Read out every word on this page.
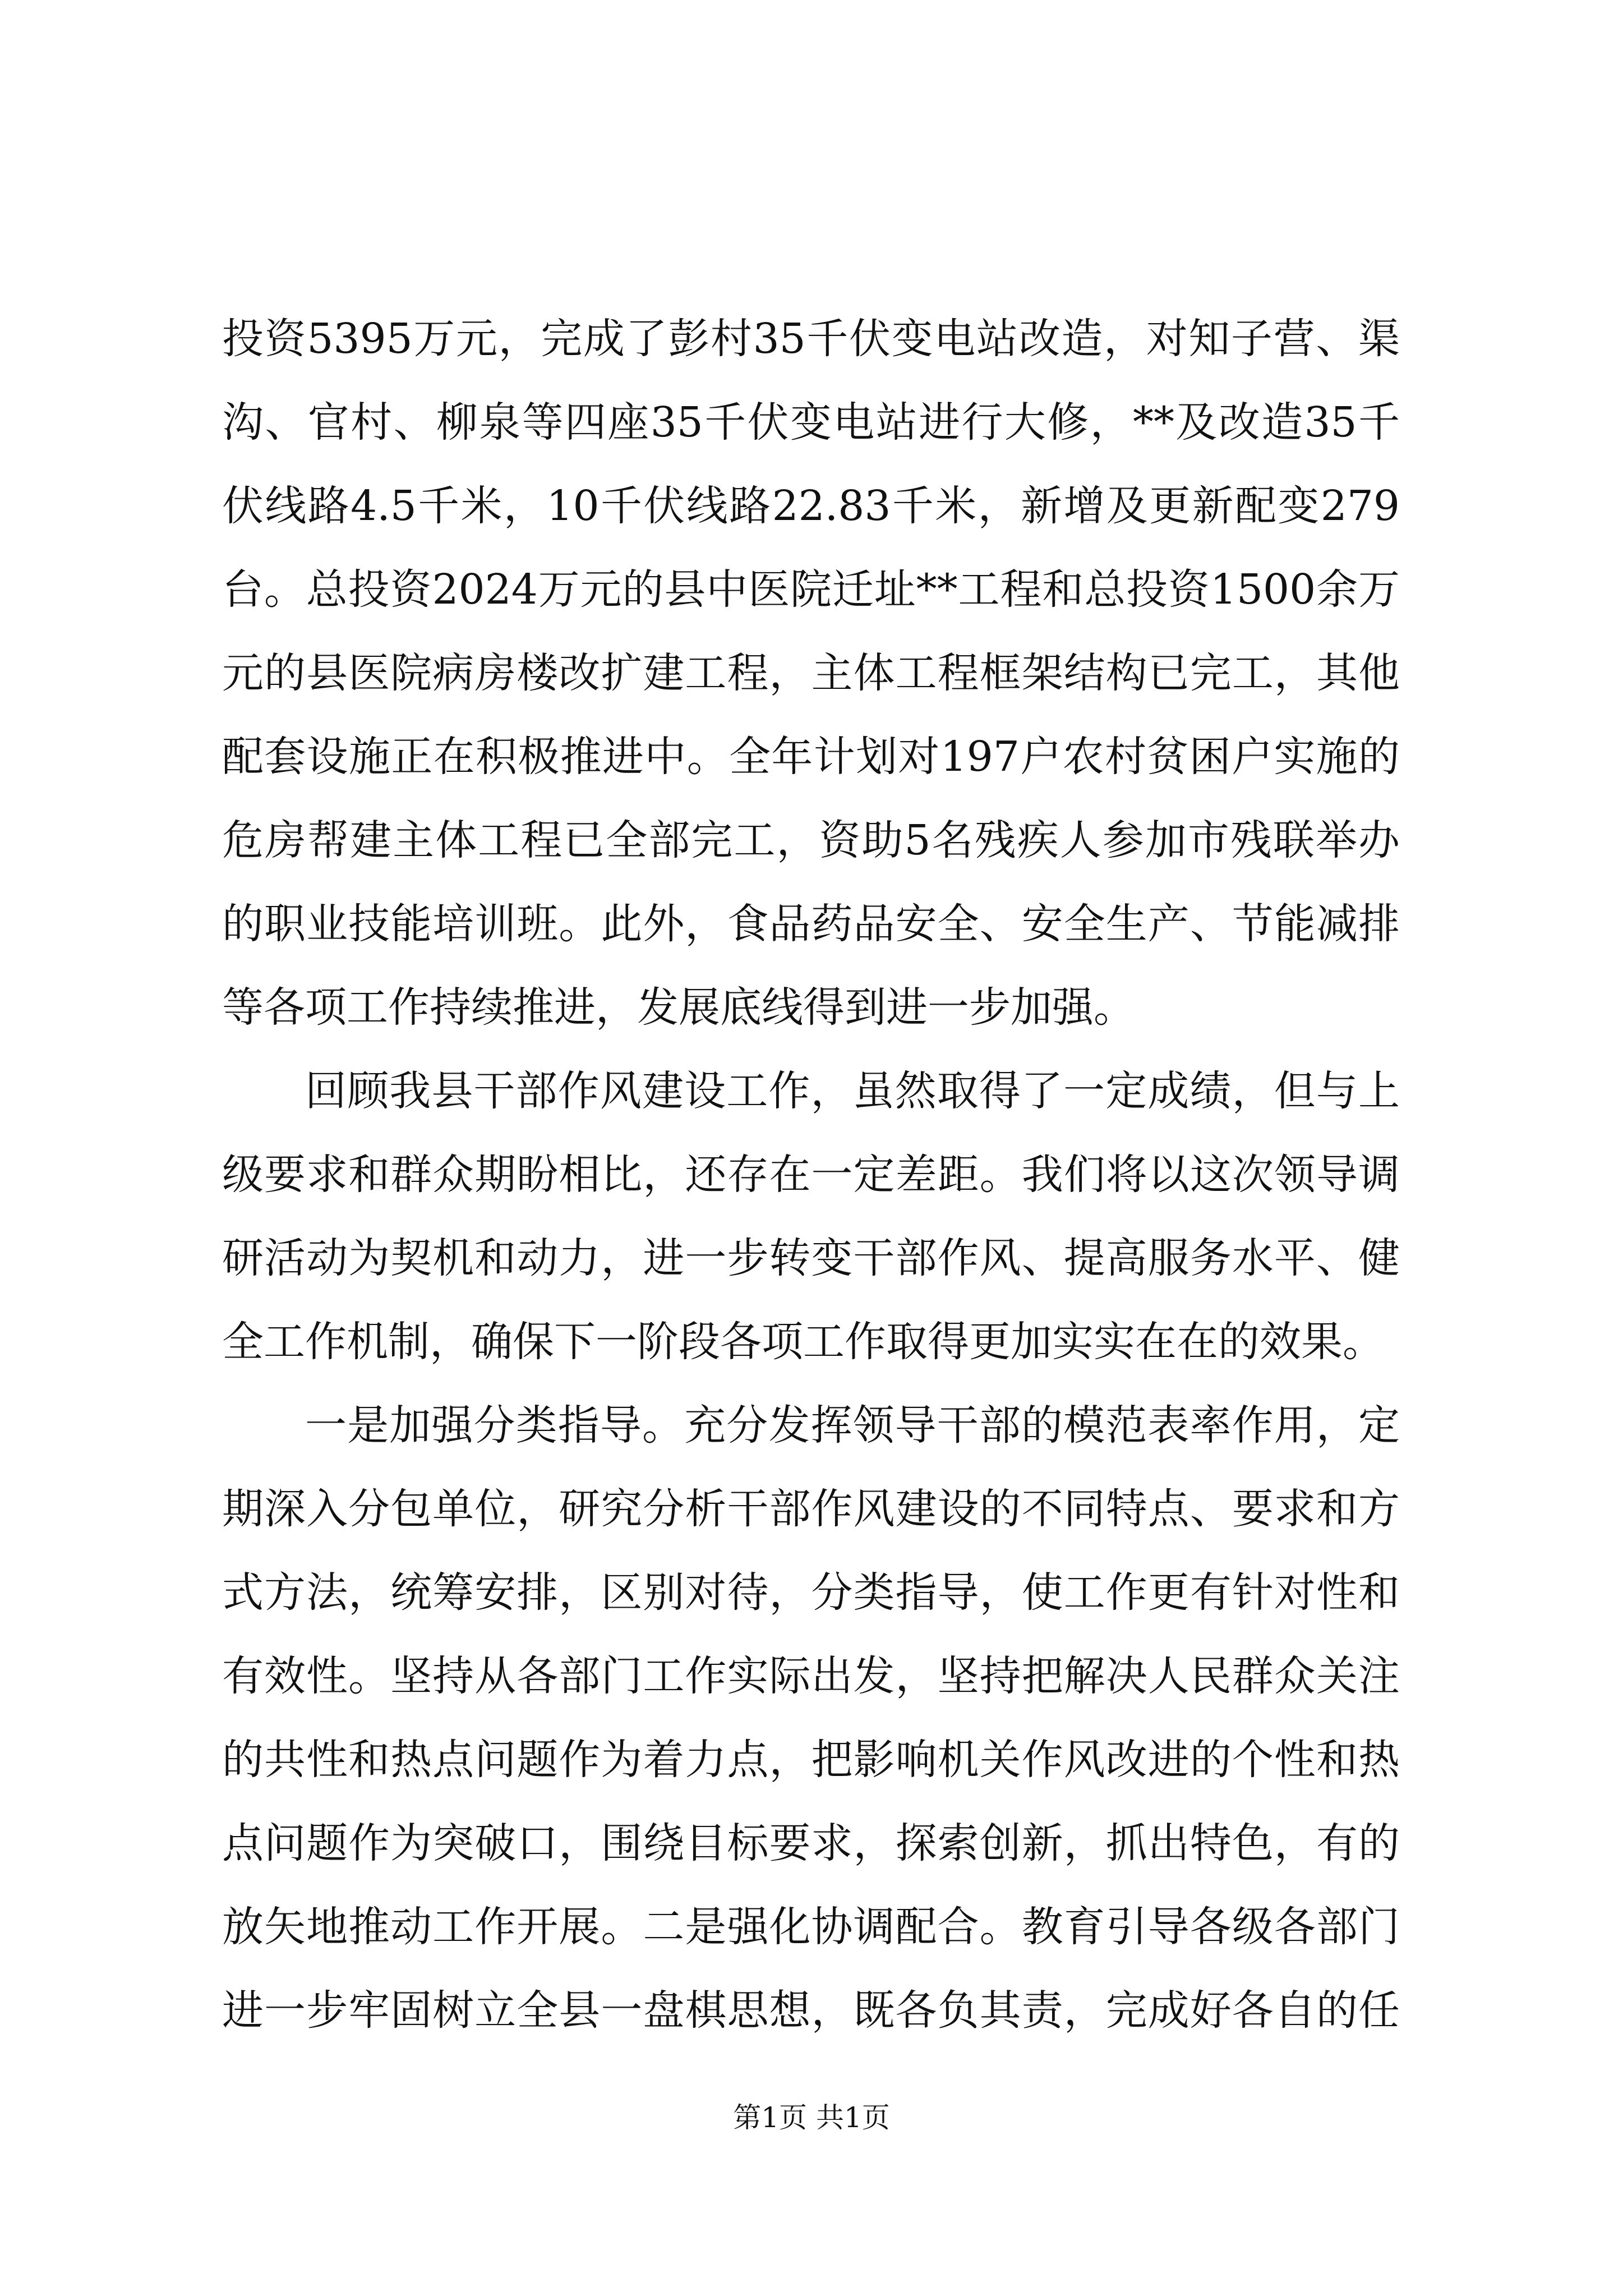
投资5395万元，完成了彭村35千伏变电站改造，对知子营、渠
沟、官村、柳泉等四座35千伏变电站进行大修，**及改造35千
伏线路4.5千米，10千伏线路22.83千米，新增及更新配变279
台。总投资2024万元的县中医院迁址**工程和总投资1500余万
元的县医院病房楼改扩建工程，主体工程框架结构已完工，其他
配套设施正在积极推进中。全年计划对197户农村贫困户实施的
危房帮建主体工程已全部完工，资助5名残疾人参加市残联举办
的职业技能培训班。此外，食品药品安全、安全生产、节能减排
等各项工作持续推进，发展底线得到进一步加强。
回顾我县干部作风建设工作，虽然取得了一定成绩，但与上
级要求和群众期盼相比，还存在一定差距。我们将以这次领导调
研活动为契机和动力，进一步转变干部作风、提高服务水平、健
全工作机制，确保下一阶段各项工作取得更加实实在在的效果。
一是加强分类指导。充分发挥领导干部的模范表率作用，定
期深入分包单位，研究分析干部作风建设的不同特点、要求和方
式方法，统筹安排，区别对待，分类指导，使工作更有针对性和
有效性。坚持从各部门工作实际出发，坚持把解决人民群众关注
的共性和热点问题作为着力点，把影响机关作风改进的个性和热
点问题作为突破口，围绕目标要求，探索创新，抓出特色，有的
放矢地推动工作开展。二是强化协调配合。教育引导各级各部门
进一步牢固树立全县一盘棋思想，既各负其责，完成好各自的任
第1页 共1页
